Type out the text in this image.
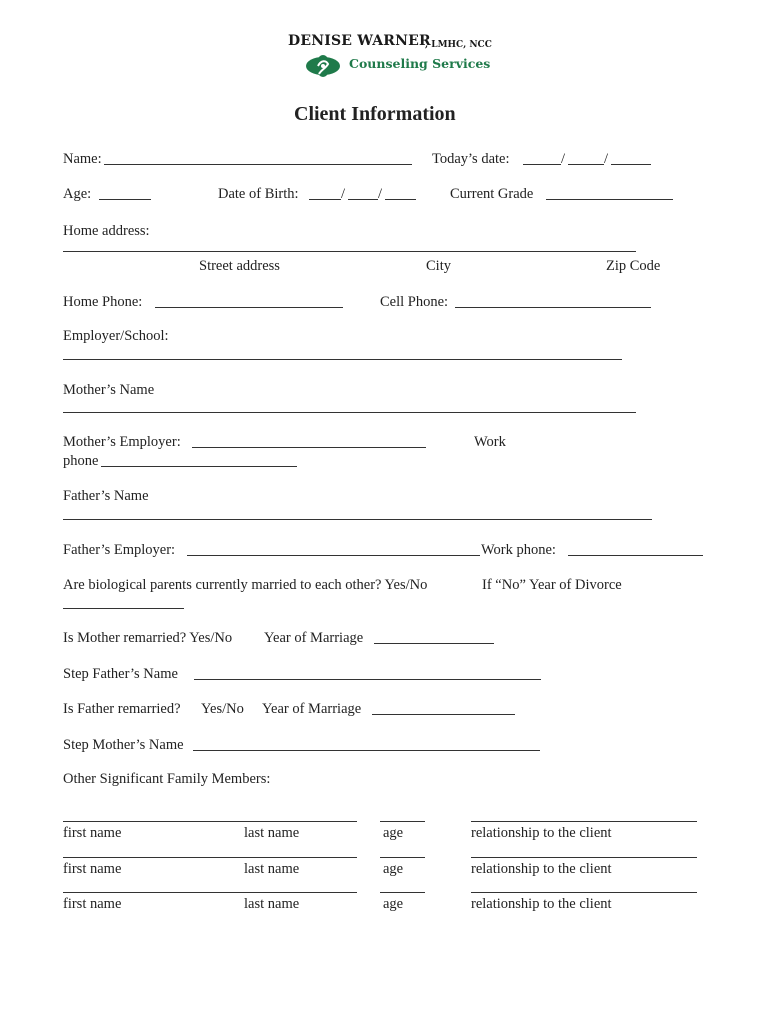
DENISE WARNER
, LMHC, NCC
Counseling Services
Client Information
Name:	Today’s date:	/	/
Age:	Date of Birth:	/ /	Current Grade
Home address:
Street address	City	Zip Code
Home Phone:	Cell Phone:
Employer/School:
Mother’s Name
Mother’s Employer:	Work
phone
Father’s Name
Father’s Employer:	Work phone:
Are biological parents currently married to each other? Yes/No	If “No” Year of Divorce
Is Mother remarried? Yes/No Year of Marriage
Step Father’s Name
Is Father remarried? Yes/No Year of Marriage
Step Mother’s Name
Other Significant Family Members:
first name	last name	age	relationship to the client
first name	last name	age	relationship to the client
first name	last name	age	relationship to the client
